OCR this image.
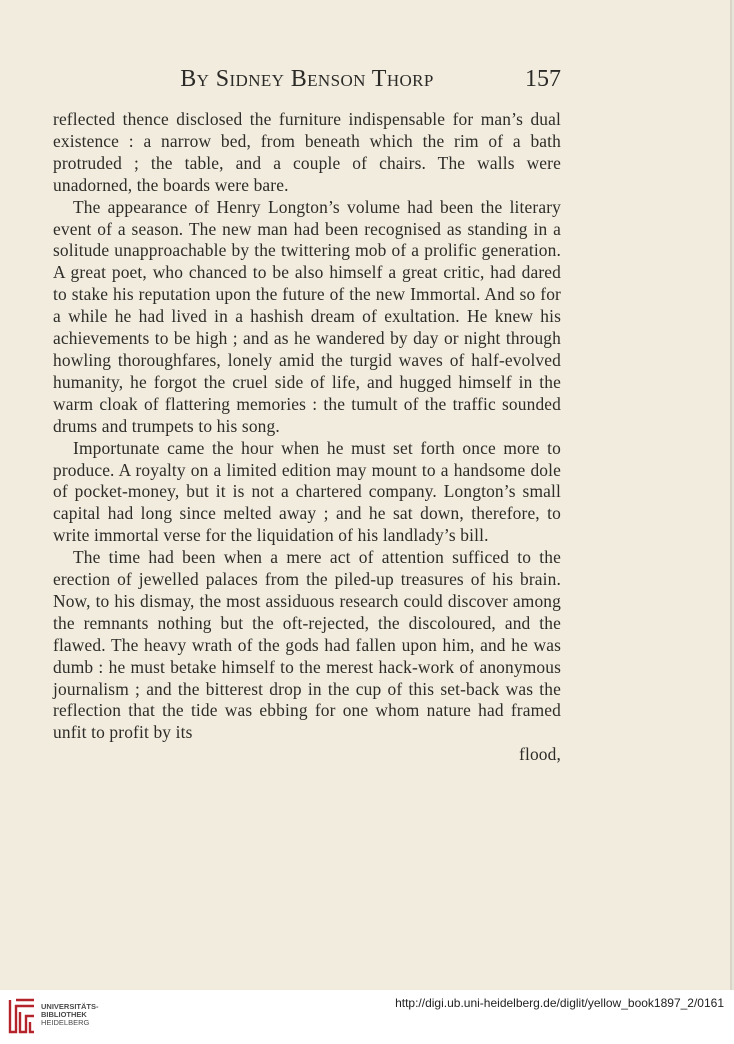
By Sidney Benson Thorp	157

reflected thence disclosed the furniture indispensable for man’s dual existence : a narrow bed, from beneath which the rim of a bath protruded ; the table, and a couple of chairs. The walls were unadorned, the boards were bare.

The appearance of Henry Longton’s volume had been the literary event of a season. The new man had been recognised as standing in a solitude unapproachable by the twittering mob of a prolific generation. A great poet, who chanced to be also himself a great critic, had dared to stake his reputation upon the future of the new Immortal. And so for a while he had lived in a hashish dream of exultation. He knew his achievements to be high ; and as he wandered by day or night through howling thoroughfares, lonely amid the turgid waves of half-evolved humanity, he forgot the cruel side of life, and hugged himself in the warm cloak of flattering memories : the tumult of the traffic sounded drums and trumpets to his song.

Importunate came the hour when he must set forth once more to produce. A royalty on a limited edition may mount to a handsome dole of pocket-money, but it is not a chartered company. Longton’s small capital had long since melted away ; and he sat down, therefore, to write immortal verse for the liquidation of his landlady’s bill.

The time had been when a mere act of attention sufficed to the erection of jewelled palaces from the piled-up treasures of his brain. Now, to his dismay, the most assiduous research could discover among the remnants nothing but the oft-rejected, the discoloured, and the flawed. The heavy wrath of the gods had fallen upon him, and he was dumb : he must betake himself to the merest hack-work of anonymous journalism ; and the bitterest drop in the cup of this set-back was the reflection that the tide was ebbing for one whom nature had framed unfit to profit by its

flood,
UNIVERSITÄTS-
BIBLIOTHEK
HEIDELBERG
http://digi.ub.uni-heidelberg.de/diglit/yellow_book1897_2/0161
